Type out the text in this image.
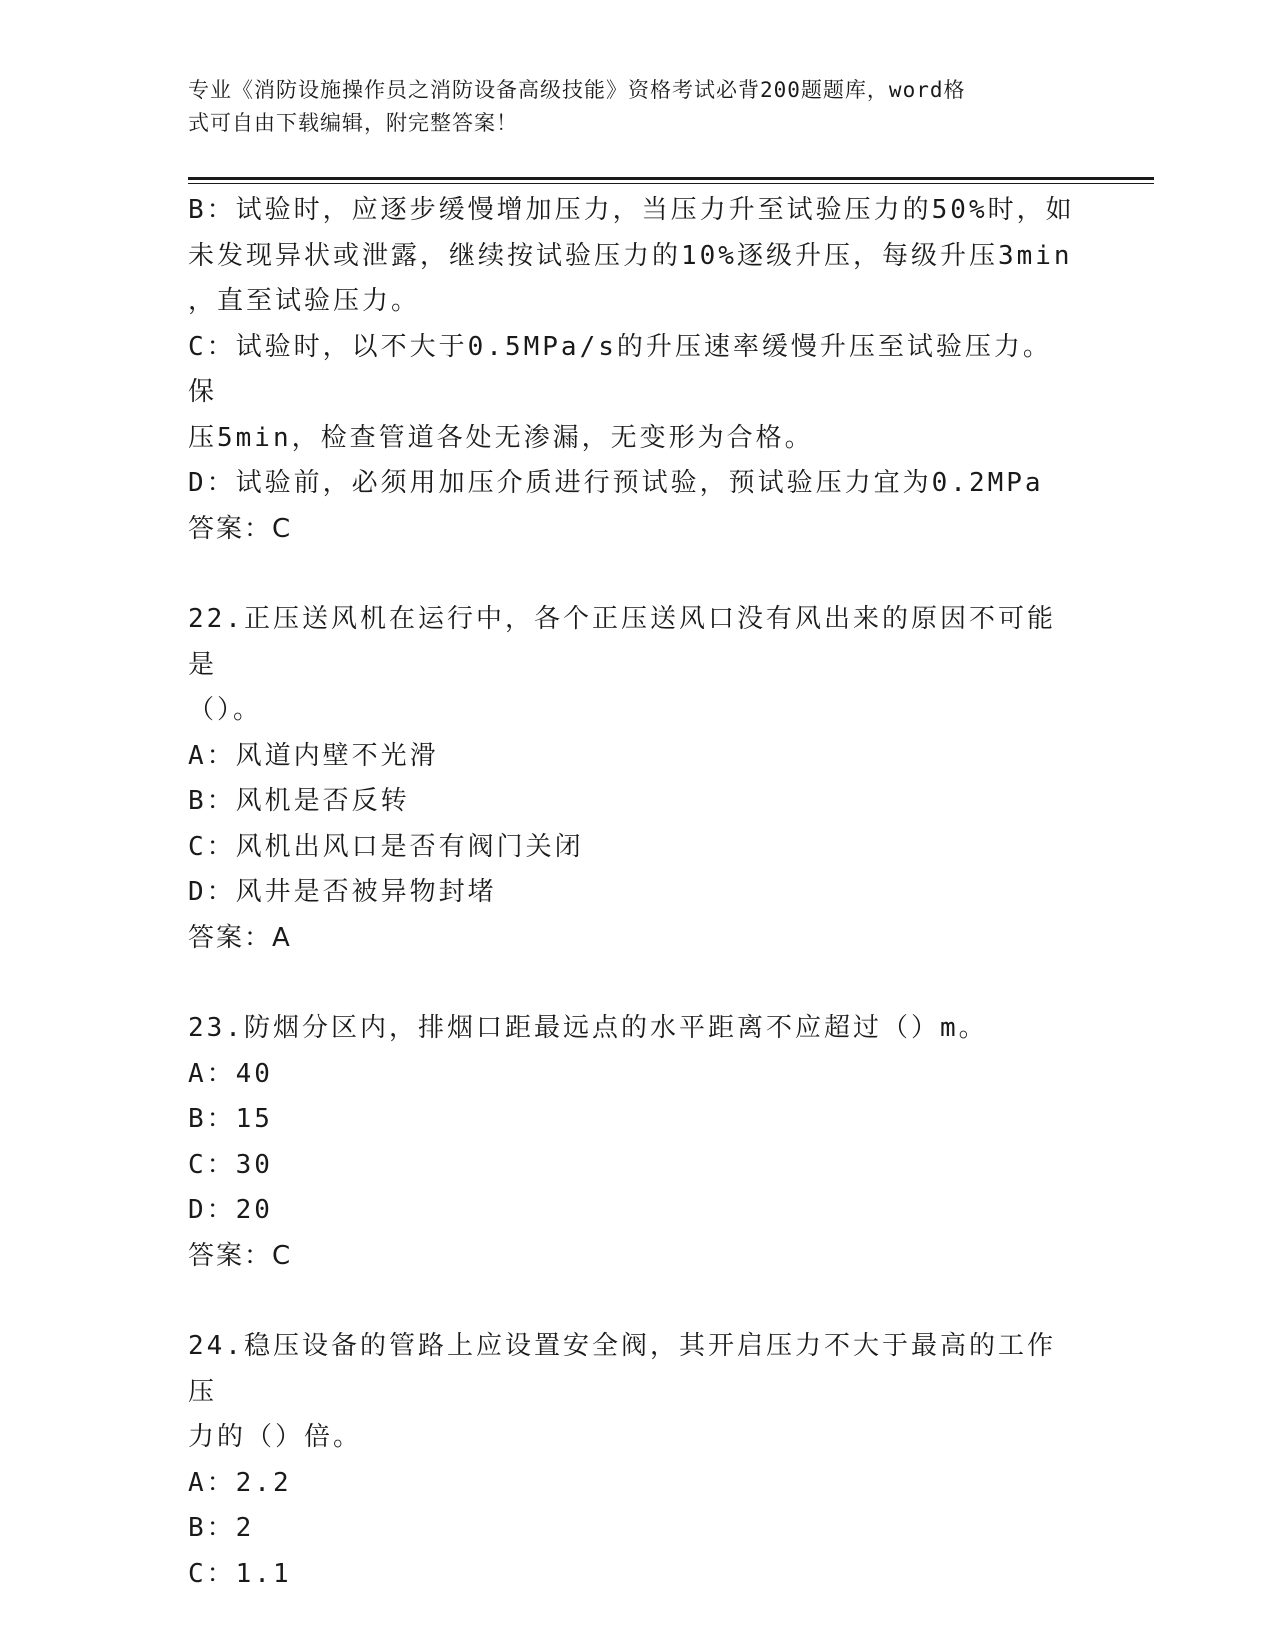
专业《消防设施操作员之消防设备高级技能》资格考试必背200题题库，word格
式可自由下载编辑，附完整答案！
B：试验时，应逐步缓慢增加压力，当压力升至试验压力的50%时，如
未发现异状或泄露，继续按试验压力的10%逐级升压，每级升压3min
，直至试验压力。
C：试验时，以不大于0.5MPa/s的升压速率缓慢升压至试验压力。保
压5min，检查管道各处无渗漏，无变形为合格。
D：试验前，必须用加压介质进行预试验，预试验压力宜为0.2MPa
答案：C
22.正压送风机在运行中，各个正压送风口没有风出来的原因不可能是
（）。
A：风道内壁不光滑
B：风机是否反转
C：风机出风口是否有阀门关闭
D：风井是否被异物封堵
答案：A
23.防烟分区内，排烟口距最远点的水平距离不应超过（）m。
A：40
B：15
C：30
D：20
答案：C
24.稳压设备的管路上应设置安全阀，其开启压力不大于最高的工作压
力的（）倍。
A：2.2
B：2
C：1.1
